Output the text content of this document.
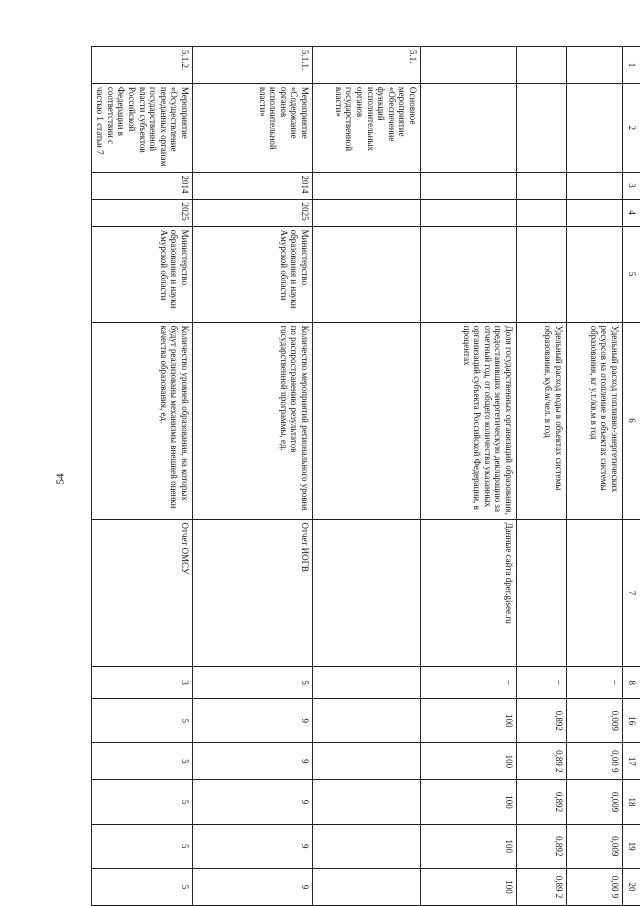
54
1	2	3	4	5	6	7	8	16	17	18	19	20
					Удельный расход топливно-энергетических ресурсов на отопление в объектах системы образования, кг у.т./кв.м в год		–	0,009	0,00 9	0,009	0,009	0,00 9
					Удельный расход воды в объектах системы образования, куб.м/чел. в год		–	0,892	0,89 2	0,892	0,892	0,89 2
					Доля государственных организаций образования, предоставивших энергетическую декларацию за отчетный год, от общего количества указанных организаций субъекта Российской Федерации, в процентах	Данные сайта dper.gisee.ru	–	100	100	100	100	100
5.1.	Основное мероприятие «Обеспечение функций исполнительных органов государственной власти»											
5.1.1.	Мероприятие «Содержание органов исполнительной власти»	2014	2025	Министерство образования и науки Амурской области	Количество мероприятий регионального уровня по распространению результатов государственной программы, ед.	Отчет ИОГВ	5	9	9	9	9	9
5.1.2.	Мероприятие «Осуществление переданных органам государственной власти субъектов Российской Федерации в соответствии с частью 1 статьи 7	2014	2025	Министерство образования и науки Амурской области	Количество уровней образования, на которых будут реализованы механизмы внешней оценки качества образования, ед.	Отчет ОМСУ	3	5	5	5	5	5
